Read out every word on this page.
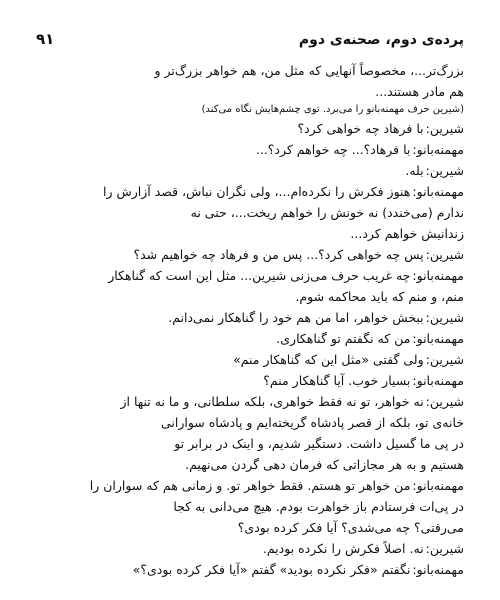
پرده‌ی دوم، صحنه‌ی دوم
۹۱
بزرگ‌تر...، مخصوصاً آنهایی که مثل من، هم خواهر بزرگ‌تر و
هم مادر هستند...
(شیرین حرف مهمنه‌بانو را می‌برد. توی چشم‌هایش نگاه می‌کند)
شیرین:
با فرهاد چه خواهی کرد؟
مهمنه‌بانو:
با فرهاد؟... چه خواهم کرد؟...
شیرین:
بله.
مهمنه‌بانو:
هنوز فکرش را نکرده‌ام...، ولی نگران نباش، قصد آزارش را
ندارم (می‌خندد) نه خونش را خواهم ریخت...، حتی نه
زندانیش خواهم کرد...
شیرین:
پس چه خواهی کرد؟... پس من و فرهاد چه خواهیم شد؟
مهمنه‌بانو:
چه غریب حرف می‌زنی شیرین... مثل این است که گناهکار
منم، و منم که باید محاکمه شوم.
شیرین:
ببخش خواهر، اما من هم خود را گناهکار نمی‌دانم.
مهمنه‌بانو:
من که نگفتم تو گناهکاری.
شیرین:
ولی گفتی «مثل این که گناهکار منم»
مهمنه‌بانو:
بسیار خوب. آیا گناهکار منم؟
شیرین:
نه خواهر، تو نه فقط خواهری، بلکه سلطانی، و ما نه تنها از
خانه‌ی تو، بلکه از قصر پادشاه گریخته‌ایم و پادشاه سوارانی
در پی ما گسیل داشت. دستگیر شدیم، و اینک در برابر تو
هستیم و به هر مجازاتی که فرمان دهی گردن می‌نهیم.
مهمنه‌بانو:
من خواهر تو هستم. فقط خواهر تو. و زمانی هم که سواران را
در پی‌ات فرستادم باز خواهرت بودم. هیچ می‌دانی به کجا
می‌رفتی؟ چه می‌شدی؟ آیا فکر کرده بودی؟
شیرین:
نه. اصلاً فکرش را نکرده بودیم.
مهمنه‌بانو:
نگفتم «فکر نکرده بودید» گفتم «آیا فکر کرده بودی؟»
